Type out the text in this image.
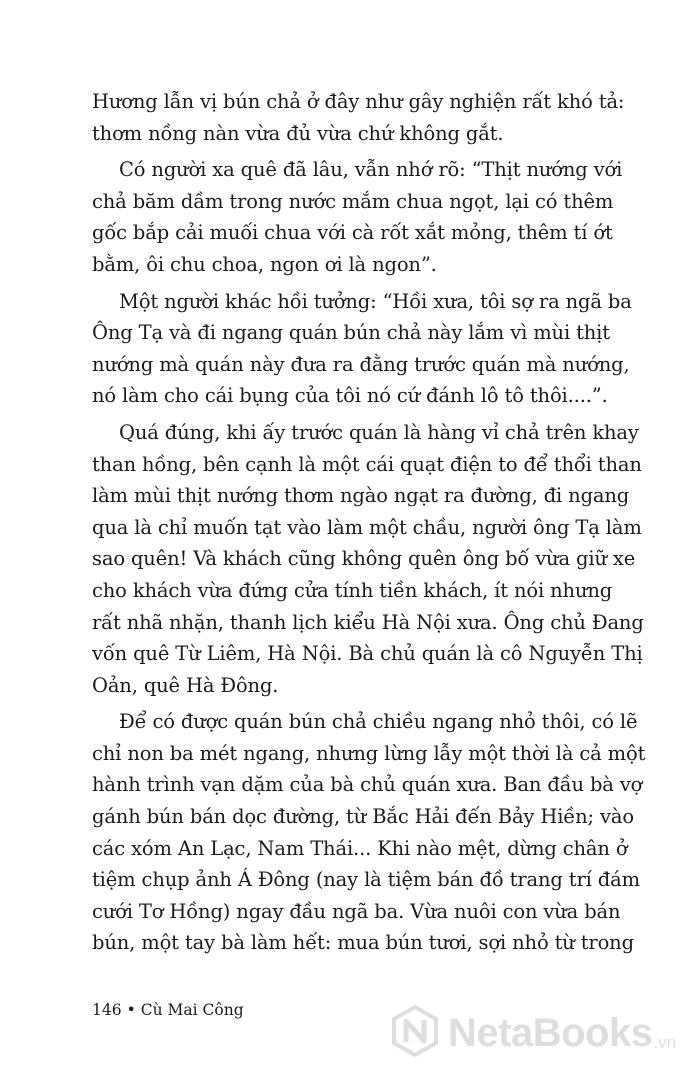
Hương lẫn vị bún chả ở đây như gây nghiện rất khó tả:
thơm nồng nàn vừa đủ vừa chứ không gắt.
Có người xa quê đã lâu, vẫn nhớ rõ: “Thịt nướng với
chả băm dầm trong nước mắm chua ngọt, lại có thêm
gốc bắp cải muối chua với cà rốt xắt mỏng, thêm tí ớt
bằm, ôi chu choa, ngon ơi là ngon”.
Một người khác hồi tưởng: “Hồi xưa, tôi sợ ra ngã ba
Ông Tạ và đi ngang quán bún chả này lắm vì mùi thịt
nướng mà quán này đưa ra đằng trước quán mà nướng,
nó làm cho cái bụng của tôi nó cứ đánh lô tô thôi....”.
Quá đúng, khi ấy trước quán là hàng vỉ chả trên khay
than hồng, bên cạnh là một cái quạt điện to để thổi than
làm mùi thịt nướng thơm ngào ngạt ra đường, đi ngang
qua là chỉ muốn tạt vào làm một chầu, người ông Tạ làm
sao quên! Và khách cũng không quên ông bố vừa giữ xe
cho khách vừa đứng cửa tính tiền khách, ít nói nhưng
rất nhã nhặn, thanh lịch kiểu Hà Nội xưa. Ông chủ Đang
vốn quê Từ Liêm, Hà Nội. Bà chủ quán là cô Nguyễn Thị
Oản, quê Hà Đông.
Để có được quán bún chả chiều ngang nhỏ thôi, có lẽ
chỉ non ba mét ngang, nhưng lừng lẫy một thời là cả một
hành trình vạn dặm của bà chủ quán xưa. Ban đầu bà vợ
gánh bún bán dọc đường, từ Bắc Hải đến Bảy Hiền; vào
các xóm An Lạc, Nam Thái... Khi nào mệt, dừng chân ở
tiệm chụp ảnh Á Đông (nay là tiệm bán đồ trang trí đám
cưới Tơ Hồng) ngay đầu ngã ba. Vừa nuôi con vừa bán
bún, một tay bà làm hết: mua bún tươi, sợi nhỏ từ trong
146 • Cù Mai Công
NetaBooks .vn
